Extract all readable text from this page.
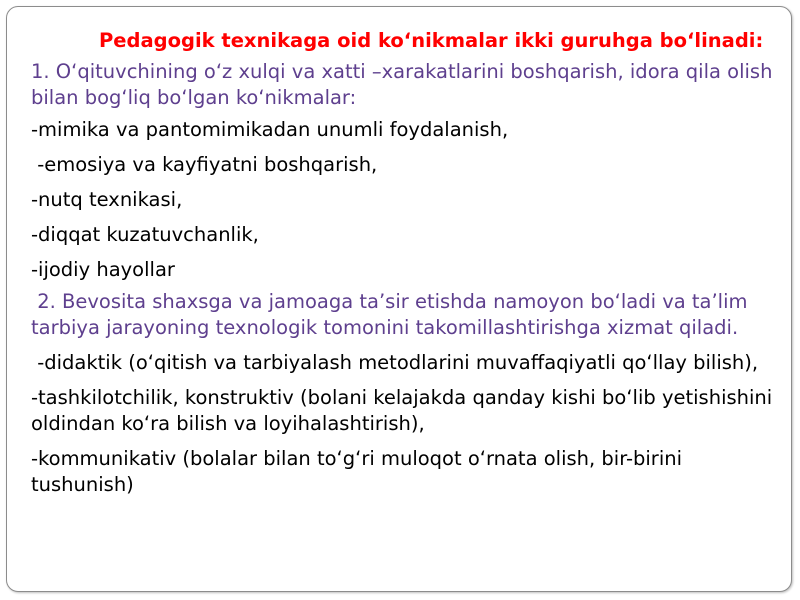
Pedagogik texnikaga oid ko‘nikmalar ikki guruhga bo‘linadi:

1. O‘qituvchining o‘z xulqi va xatti –xarakatlarini boshqarish, idora qila olish bilan bog‘liq bo‘lgan ko‘nikmalar:

-mimika va pantomimikadan unumli foydalanish,

-emosiya va kayfiyatni boshqarish,

-nutq texnikasi,

-diqqat kuzatuvchanlik,

-ijodiy hayollar

2. Bevosita shaxsga va jamoaga ta’sir etishda namoyon bo‘ladi va ta’lim tarbiya jarayoning texnologik tomonini takomillashtirishga xizmat qiladi.

-didaktik (o‘qitish va tarbiyalash metodlarini muvaffaqiyatli qo‘llay bilish),

-tashkilotchilik, konstruktiv (bolani kelajakda qanday kishi bo‘lib yetishishini oldindan ko‘ra bilish va loyihalashtirish),

-kommunikativ (bolalar bilan to‘g‘ri muloqot o‘rnata olish, bir-birini tushunish)
